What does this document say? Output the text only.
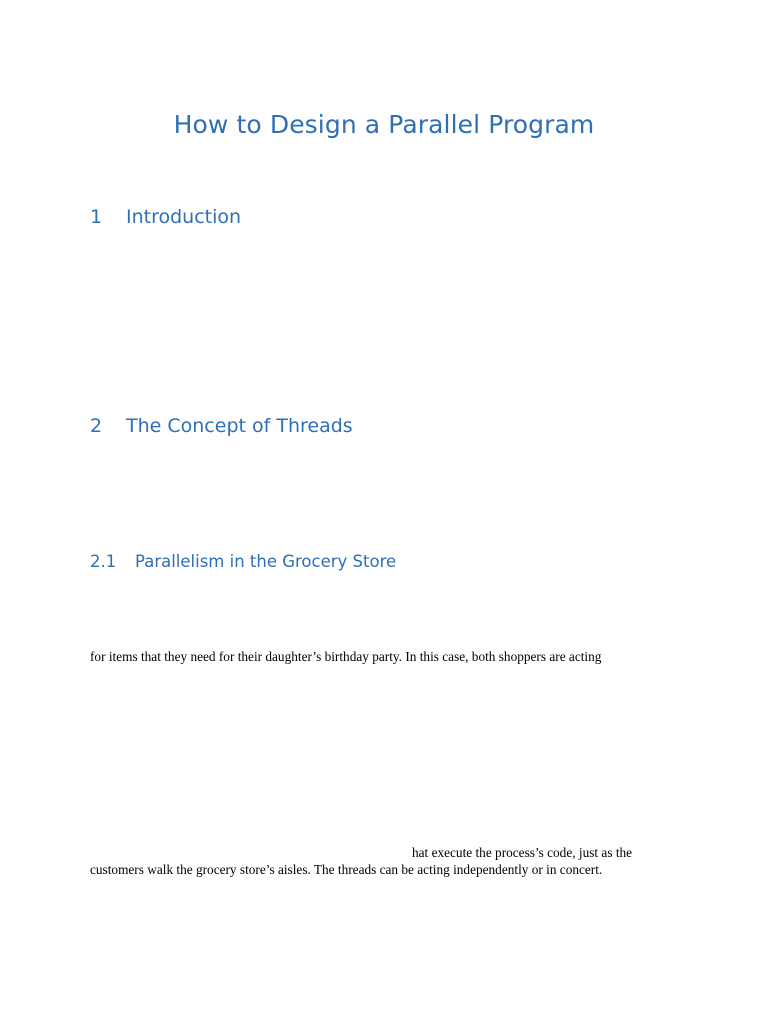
How to Design a Parallel Program
1 Introduction
2 The Concept of Threads
2.1 Parallelism in the Grocery Store
for items that they need for their daughter’s birthday party. In this case, both shoppers are acting
hat execute the process’s code, just as the
customers walk the grocery store’s aisles. The threads can be acting independently or in concert.
